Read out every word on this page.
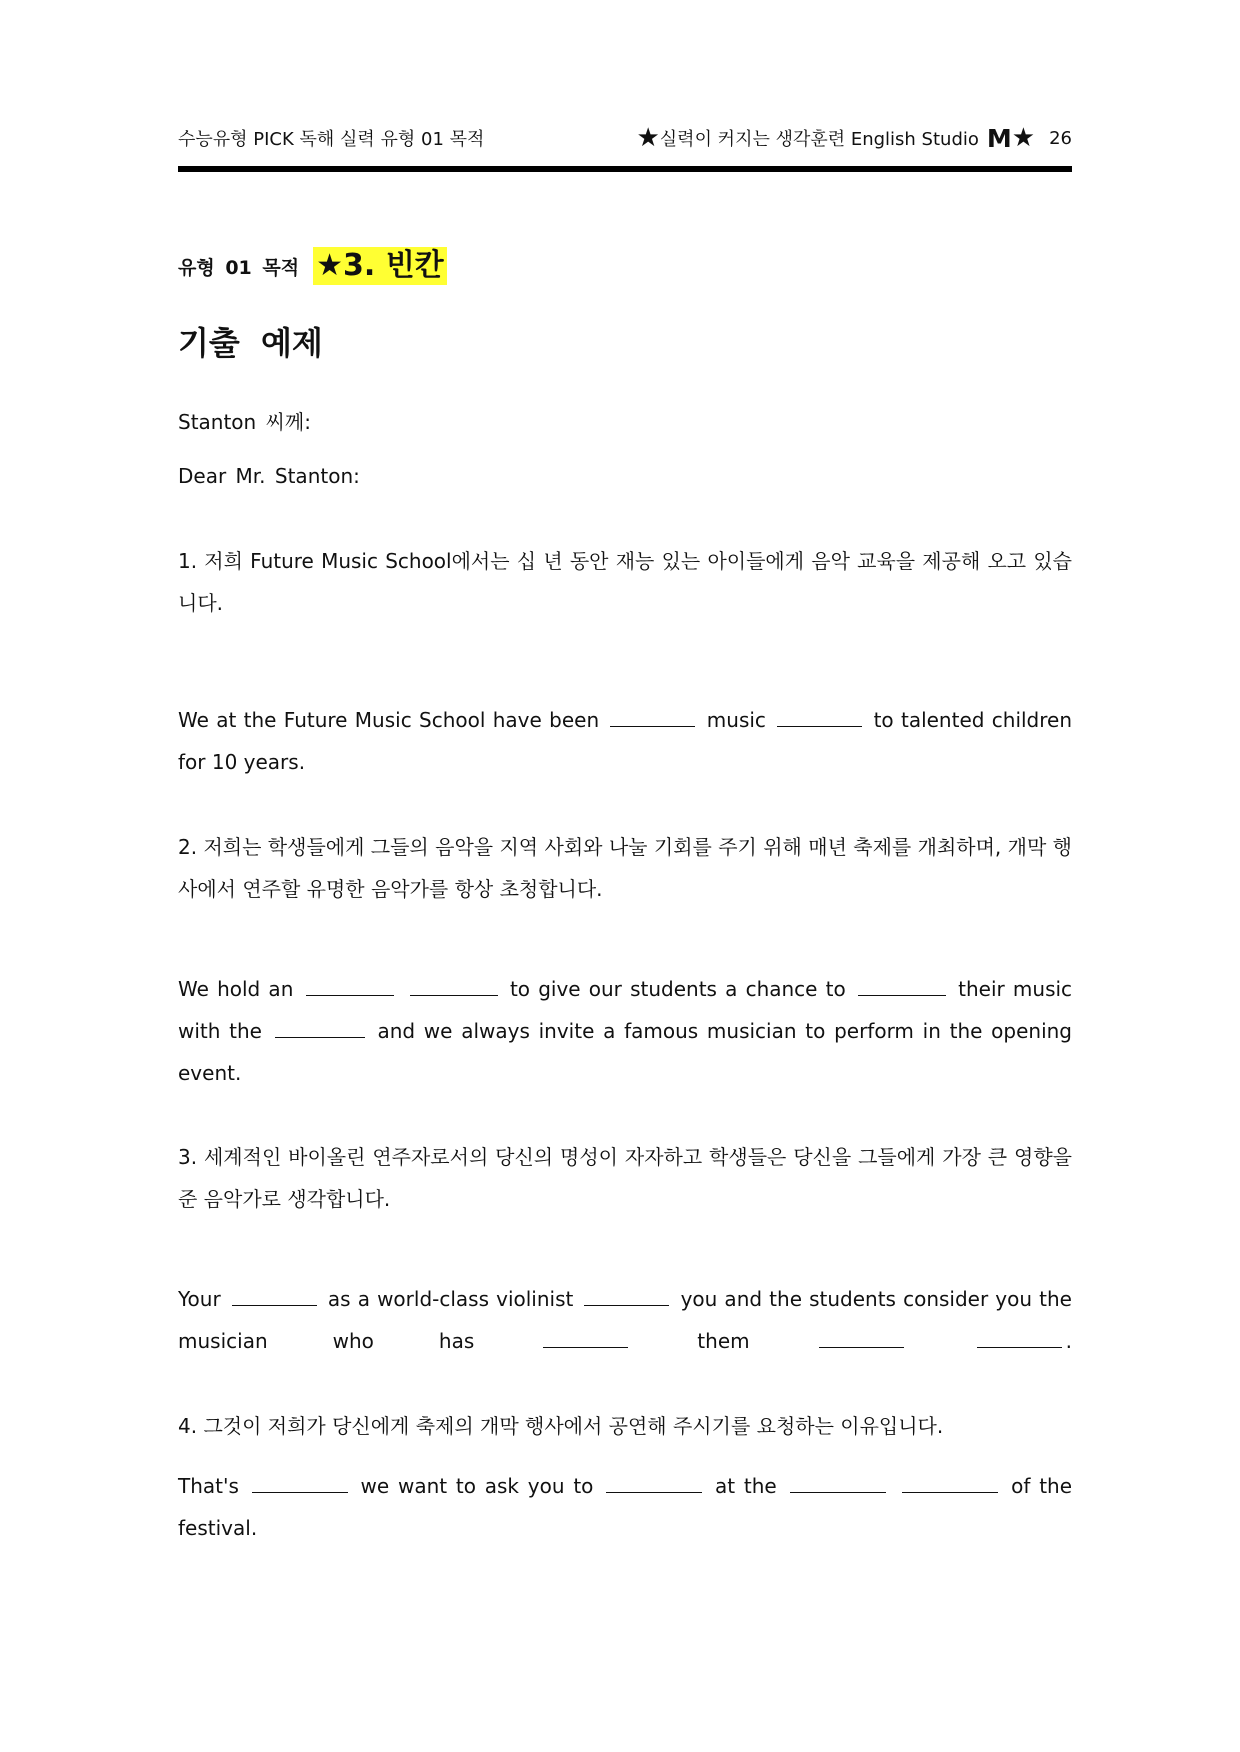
수능유형 PICK 독해 실력 유형 01 목적	★ 실력이 커지는 생각훈련 English Studio M ★ 26
유형 01 목적 ★3. 빈칸
기출 예제
Stanton 씨께:
Dear Mr. Stanton:
1. 저희 Future Music School에서는 십 년 동안 재능 있는 아이들에게 음악 교육을 제공해 오고 있습니다.
We at the Future Music School have been	music	to talented children for 10 years.
2. 저희는 학생들에게 그들의 음악을 지역 사회와 나눌 기회를 주기 위해 매년 축제를 개최하며, 개막 행사에서 연주할 유명한 음악가를 항상 초청합니다.
We hold an	to give our students a chance to	their music with the	and we always invite a famous musician to perform in the opening event.
3. 세계적인 바이올린 연주자로서의 당신의 명성이 자자하고 학생들은 당신을 그들에게 가장 큰 영향을 준 음악가로 생각합니다.
Your	as a world-class violinist	you and the students consider you the musician who has	them	.
4. 그것이 저희가 당신에게 축제의 개막 행사에서 공연해 주시기를 요청하는 이유입니다.
That's	we want to ask you to	at the	of the festival.
